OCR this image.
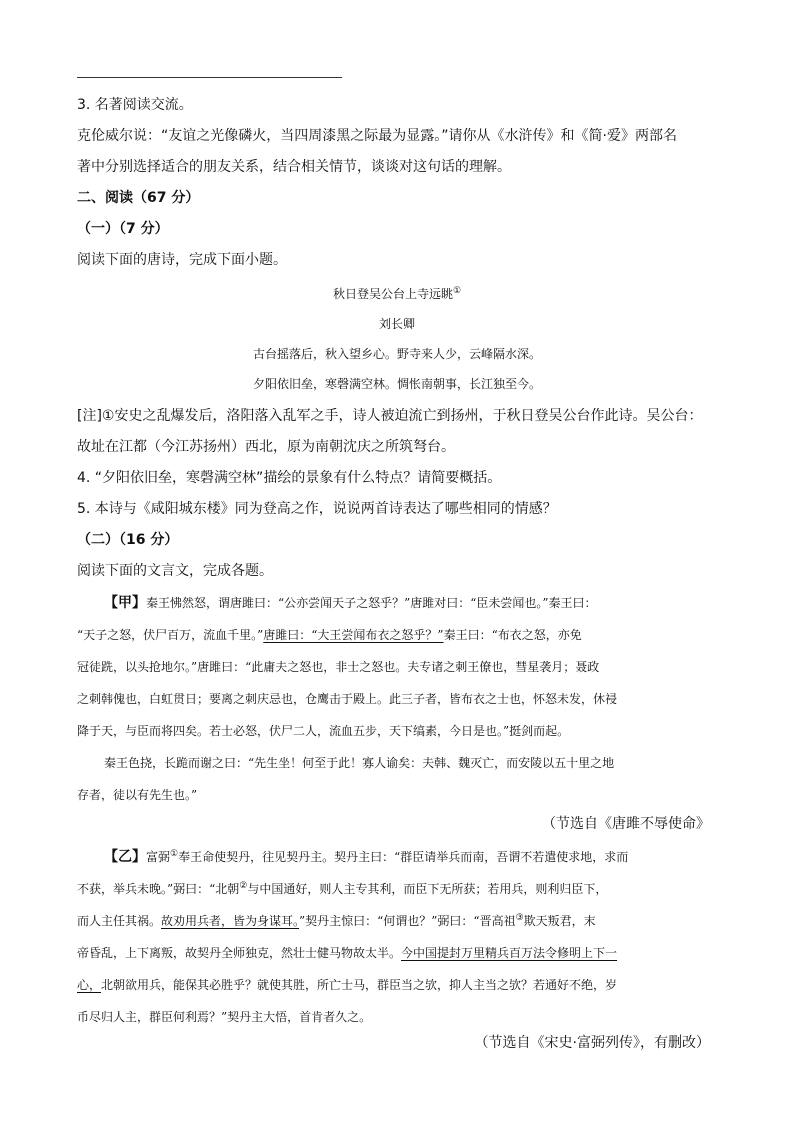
3. 名著阅读交流。
克伦威尔说：“友谊之光像磷火，当四周漆黑之际最为显露。”请你从《水浒传》和《简·爱》两部名
著中分别选择适合的朋友关系，结合相关情节，谈谈对这句话的理解。
二、阅读（67 分）
（一）（7 分）
阅读下面的唐诗，完成下面小题。
秋日登吴公台上寺远眺①
刘长卿
古台摇落后，秋入望乡心。野寺来人少，云峰隔水深。
夕阳依旧垒，寒磬满空林。惆怅南朝事，长江独至今。
[注]①安史之乱爆发后，洛阳落入乱军之手，诗人被迫流亡到扬州，于秋日登吴公台作此诗。吴公台：
故址在江都（今江苏扬州）西北，原为南朝沈庆之所筑弩台。
4. “夕阳依旧垒，寒磬满空林”描绘的景象有什么特点？请简要概括。
5. 本诗与《咸阳城东楼》同为登高之作，说说两首诗表达了哪些相同的情感？
（二）（16 分）
阅读下面的文言文，完成各题。
【甲】秦王怫然怒，谓唐雎曰：“公亦尝闻天子之怒乎？”唐雎对曰：“臣未尝闻也。”秦王曰：
“天子之怒，伏尸百万，流血千里。”唐雎曰：“大王尝闻布衣之怒乎？”秦王曰：“布衣之怒，亦免
冠徒跣，以头抢地尔。”唐雎曰：“此庸夫之怒也，非士之怒也。夫专诸之刺王僚也，彗星袭月；聂政
之刺韩傀也，白虹贯日；要离之刺庆忌也，仓鹰击于殿上。此三子者，皆布衣之士也，怀怒未发，休祲
降于天，与臣而将四矣。若士必怒，伏尸二人，流血五步，天下缟素，今日是也。”挺剑而起。
秦王色挠，长跪而谢之曰：“先生坐！何至于此！寡人谕矣：夫韩、魏灭亡，而安陵以五十里之地
存者，徒以有先生也。”
（节选自《唐雎不辱使命》
【乙】富弼①奉王命使契丹，往见契丹主。契丹主曰：“群臣请举兵而南，吾谓不若遣使求地，求而
不获，举兵未晚。”弼曰：“北朝②与中国通好，则人主专其利，而臣下无所获；若用兵，则利归臣下，
而人主任其祸。故劝用兵者，皆为身谋耳。”契丹主惊曰：“何谓也？”弼曰：“晋高祖③欺天叛君，末
帝昏乱，上下离叛，故契丹全师独克，然壮士健马物故太半。今中国提封万里精兵百万法令修明上下一
心，北朝欲用兵，能保其必胜乎？就使其胜，所亡士马，群臣当之欤，抑人主当之欤？若通好不绝，岁
币尽归人主，群臣何利焉？”契丹主大悟，首肯者久之。
（节选自《宋史·富弼列传》，有删改）
